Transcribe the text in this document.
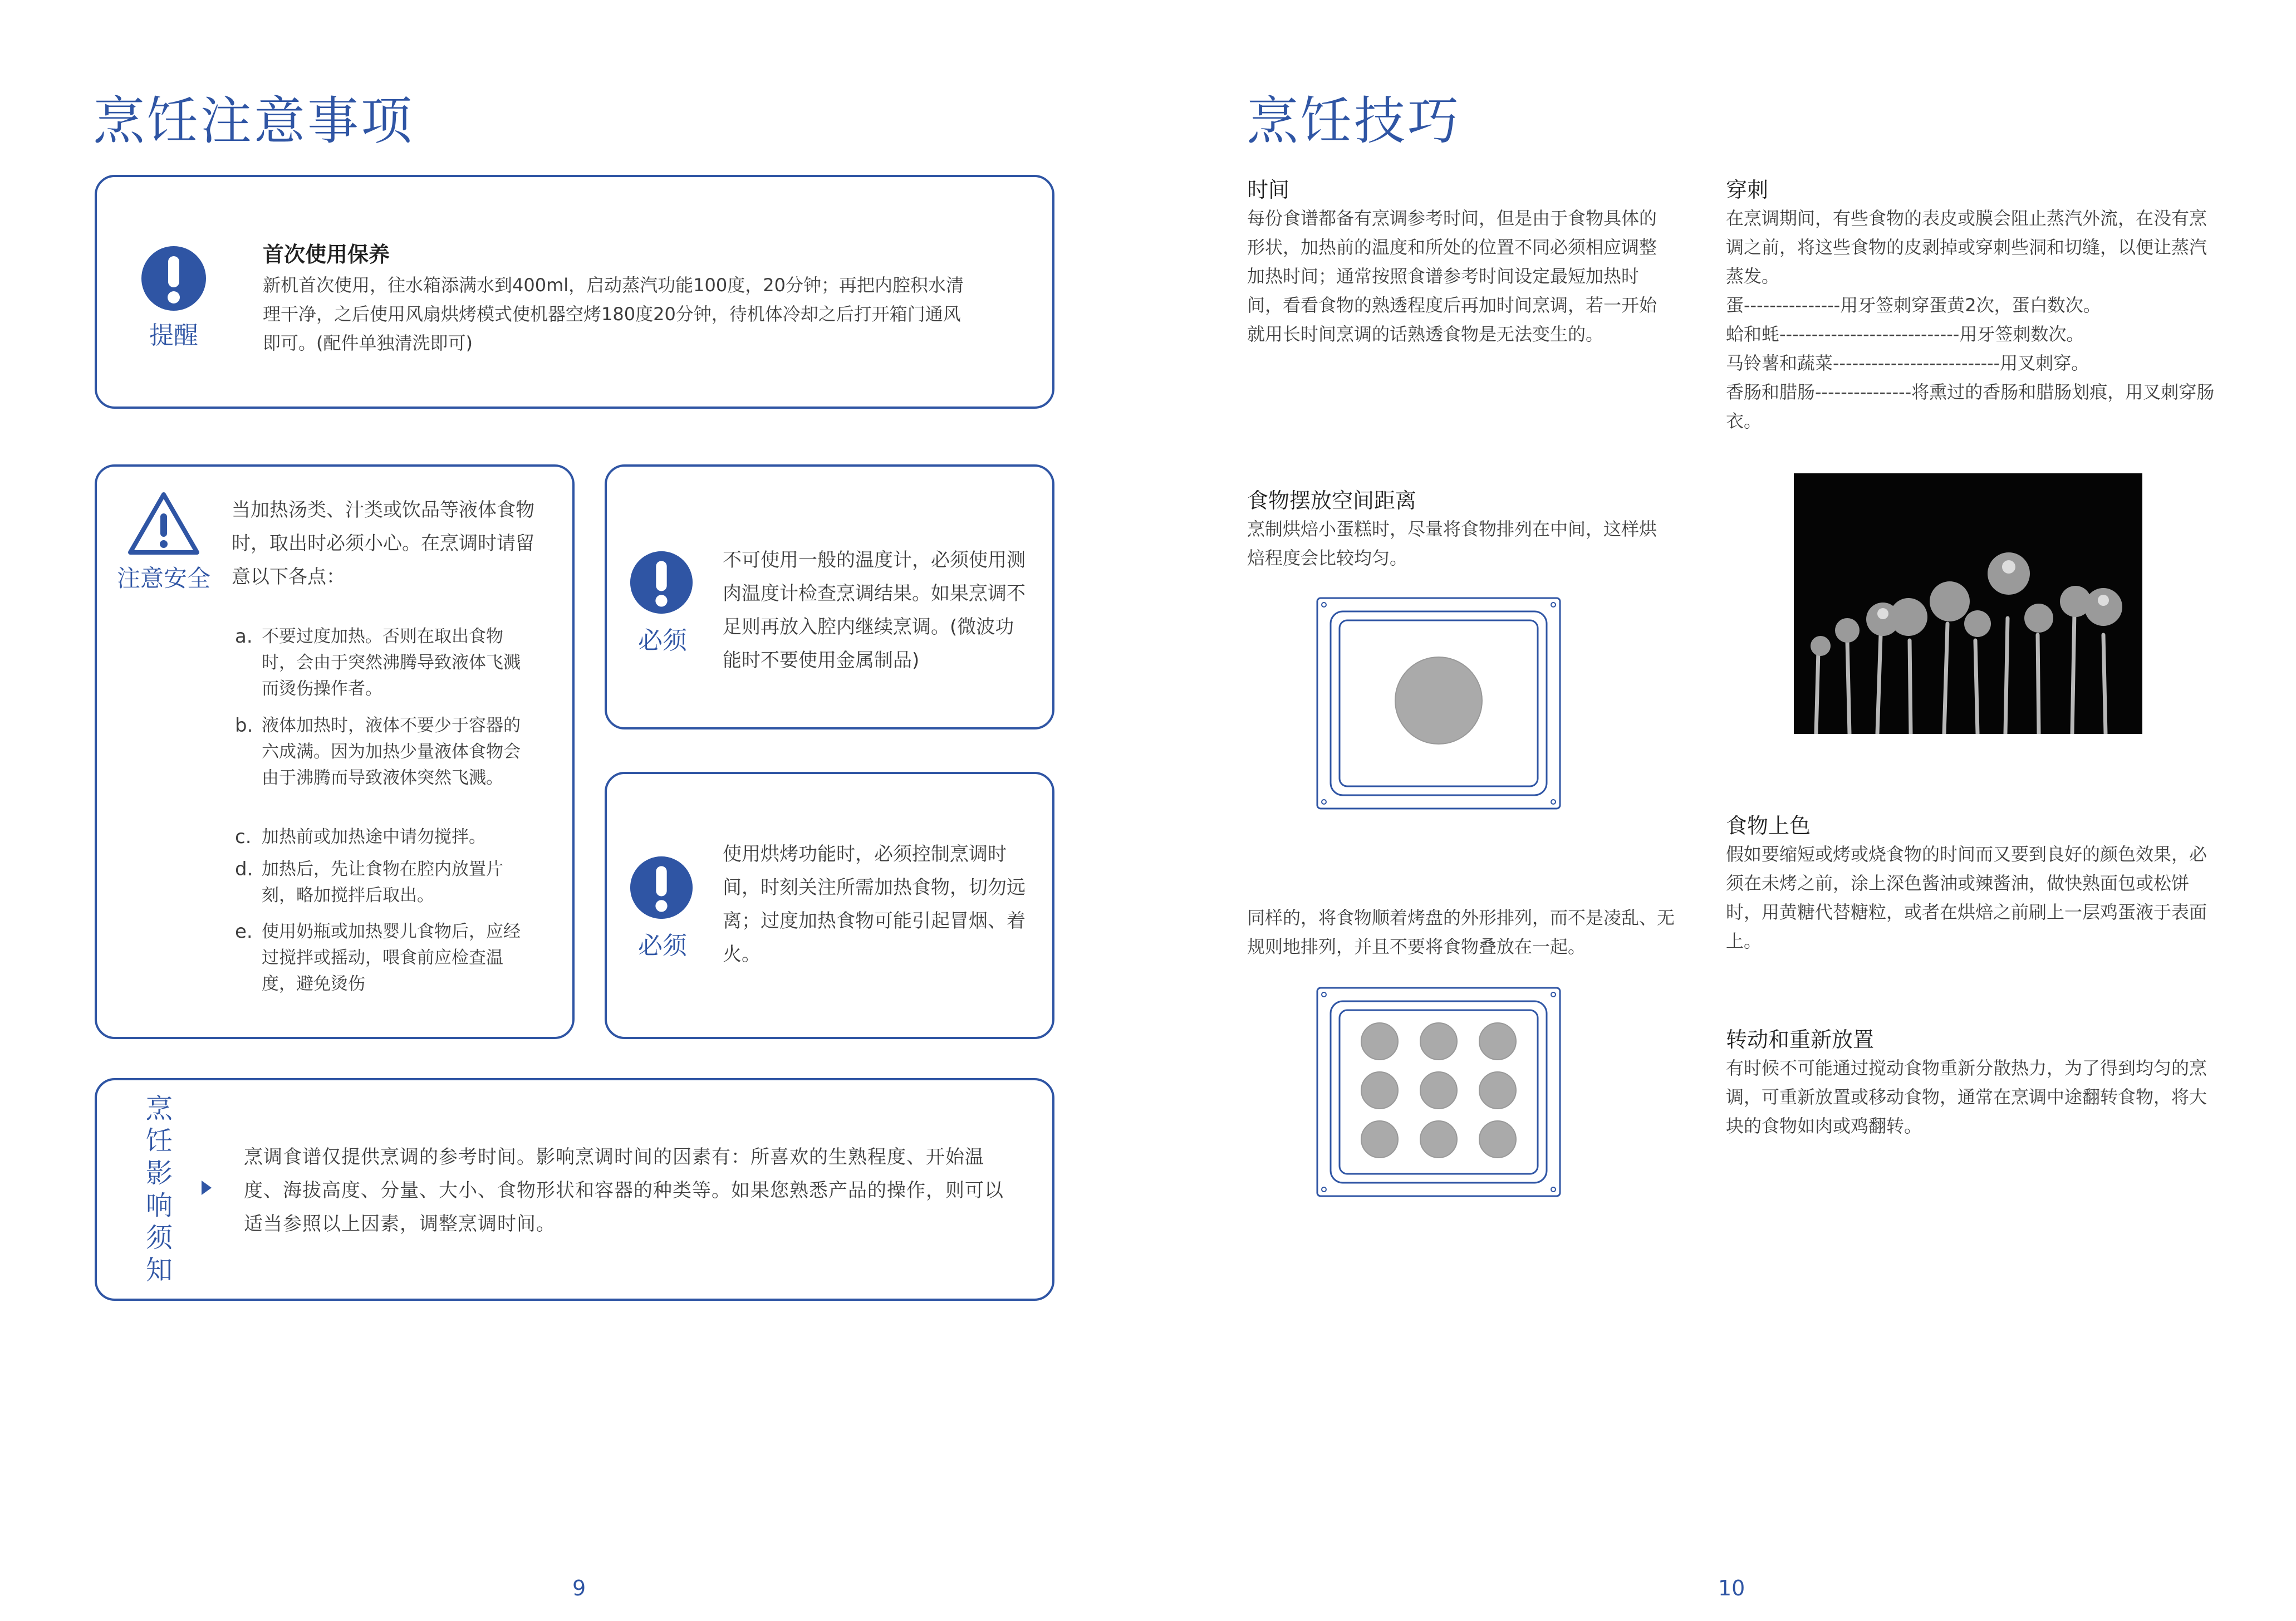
烹饪注意事项
提醒
首次使用保养
新机首次使用，往水箱添满水到400ml，启动蒸汽功能100度，20分钟；再把内腔积水清理干净，之后使用风扇烘烤模式使机器空烤180度20分钟，待机体冷却之后打开箱门通风即可。(配件单独清洗即可)
注意安全
当加热汤类、汁类或饮品等液体食物时，取出时必须小心。在烹调时请留意以下各点：
a. 不要过度加热。否则在取出食物时，会由于突然沸腾导致液体飞溅而烫伤操作者。
b. 液体加热时，液体不要少于容器的六成满。因为加热少量液体食物会由于沸腾而导致液体突然飞溅。
c. 加热前或加热途中请勿搅拌。
d. 加热后，先让食物在腔内放置片刻，略加搅拌后取出。
e. 使用奶瓶或加热婴儿食物后，应经过搅拌或摇动，喂食前应检查温度，避免烫伤
必须
不可使用一般的温度计，必须使用测肉温度计检查烹调结果。如果烹调不足则再放入腔内继续烹调。(微波功能时不要使用金属制品)
必须
使用烘烤功能时，必须控制烹调时间，时刻关注所需加热食物，切勿远离；过度加热食物可能引起冒烟、着火。
烹饪影响须知
烹调食谱仅提供烹调的参考时间。影响烹调时间的因素有：所喜欢的生熟程度、开始温度、海拔高度、分量、大小、食物形状和容器的种类等。如果您熟悉产品的操作，则可以适当参照以上因素，调整烹调时间。
9
烹饪技巧
时间
每份食谱都备有烹调参考时间，但是由于食物具体的形状，加热前的温度和所处的位置不同必须相应调整加热时间；通常按照食谱参考时间设定最短加热时间，看看食物的熟透程度后再加时间烹调，若一开始就用长时间烹调的话熟透食物是无法变生的。
食物摆放空间距离
烹制烘焙小蛋糕时，尽量将食物排列在中间，这样烘焙程度会比较均匀。
同样的，将食物顺着烤盘的外形排列，而不是凌乱、无规则地排列，并且不要将食物叠放在一起。
穿刺
在烹调期间，有些食物的表皮或膜会阻止蒸汽外流，在没有烹调之前，将这些食物的皮剥掉或穿刺些洞和切缝，以便让蒸汽蒸发。
蛋---------------用牙签刺穿蛋黄2次，蛋白数次。
蛤和蚝----------------------------用牙签刺数次。
马铃薯和蔬菜--------------------------用叉刺穿。
香肠和腊肠---------------将熏过的香肠和腊肠划痕，用叉刺穿肠衣。
食物上色
假如要缩短或烤或烧食物的时间而又要到良好的颜色效果，必须在未烤之前，涂上深色酱油或辣酱油，做快熟面包或松饼时，用黄糖代替糖粒，或者在烘焙之前刷上一层鸡蛋液于表面上。
转动和重新放置
有时候不可能通过搅动食物重新分散热力，为了得到均匀的烹调，可重新放置或移动食物，通常在烹调中途翻转食物，将大块的食物如肉或鸡翻转。
10
